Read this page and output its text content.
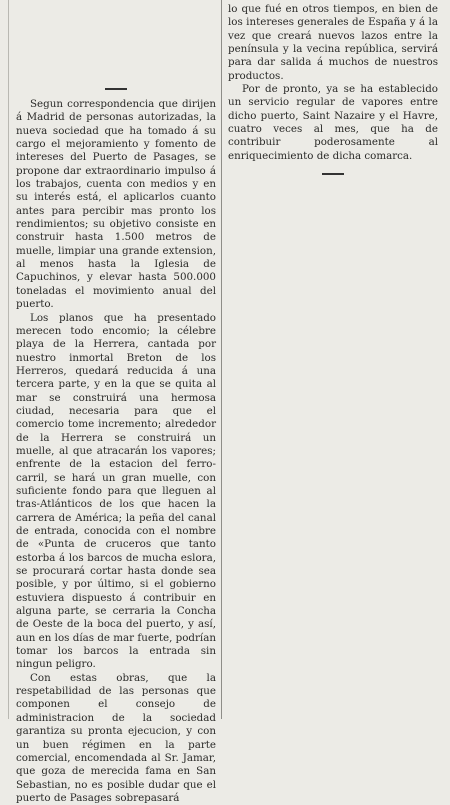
Segun correspondencia que dirijen á Madrid de personas autorizadas, la nueva sociedad que ha tomado á su cargo el mejoramiento y fomento de intereses del Puerto de Pasages, se propone dar extraordinario impulso á los trabajos, cuenta con medios y en su interés está, el aplicarlos cuanto antes para percibir mas pronto los rendimientos; su objetivo consiste en construir hasta 1.500 metros de muelle, limpiar una grande extension, al menos hasta la Iglesia de Capuchinos, y elevar hasta 500.000 toneladas el movimiento anual del puerto.

Los planos que ha presentado merecen todo encomio; la célebre playa de la Herrera, cantada por nuestro inmortal Breton de los Herreros, quedará reducida á una tercera parte, y en la que se quita al mar se construirá una hermosa ciudad, necesaria para que el comercio tome incremento; alrededor de la Herrera se construirá un muelle, al que atracarán los vapores; enfrente de la estacion del ferro-carril, se hará un gran muelle, con suficiente fondo para que lleguen al tras-Atlánticos de los que hacen la carrera de América; la peña del canal de entrada, conocida con el nombre de «Punta de cruceros que tanto estorba á los barcos de mucha eslora, se procurará cortar hasta donde sea posible, y por último, si el gobierno estuviera dispuesto á contribuir en alguna parte, se cerraria la Concha de Oeste de la boca del puerto, y así, aun en los días de mar fuerte, podrían tomar los barcos la entrada sin ningun peligro.

Con estas obras, que la respetabilidad de las personas que componen el consejo de administracion de la sociedad garantiza su pronta ejecucion, y con un buen régimen en la parte comercial, encomendada al Sr. Jamar, que goza de merecida fama en San Sebastian, no es posible dudar que el puerto de Pasages sobrepasará

lo que fué en otros tiempos, en bien de los intereses generales de España y á la vez que creará nuevos lazos entre la península y la vecina república, servirá para dar salida á muchos de nuestros productos.

Por de pronto, ya se ha establecido un servicio regular de vapores entre dicho puerto, Saint Nazaire y el Havre, cuatro veces al mes, que ha de contribuir poderosamente al enriquecimiento de dicha comarca.
